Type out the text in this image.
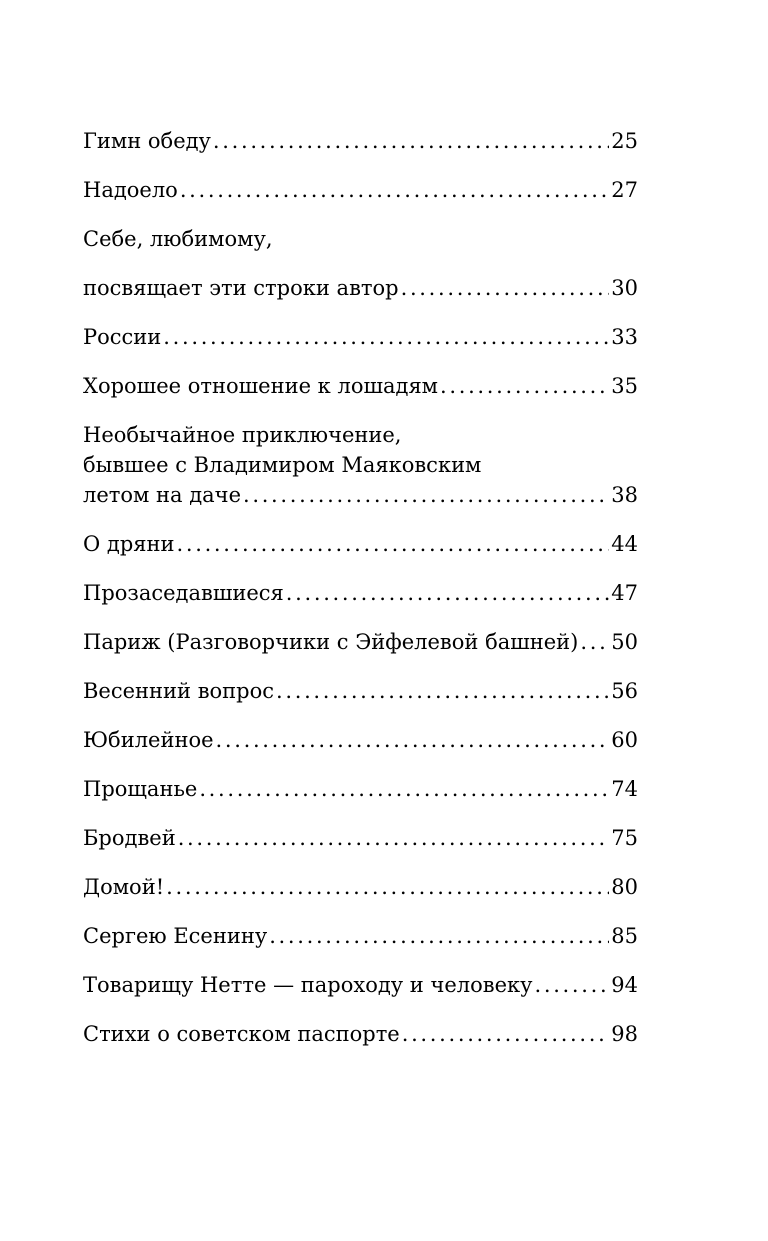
Гимн обеду . . .	25
Надоело . . .	27
Себе, любимому,
посвящает эти строки автор . . .	30
России . . .	33
Хорошее отношение к лошадям . . .	35
Необычайное приключение,
бывшее с Владимиром Маяковским
летом на даче . . .	38
О дряни . . .	44
Прозаседавшиеся . . .	47
Париж (Разговорчики с Эйфелевой башней) . . . 50
Весенний вопрос . . .	56
Юбилейное . . .	60
Прощанье . . .	74
Бродвей . . .	75
Домой! . . .	80
Сергею Есенину . . .	85
Товарищу Нетте — пароходу и человеку . . .	94
Стихи о советском паспорте . . .	98
